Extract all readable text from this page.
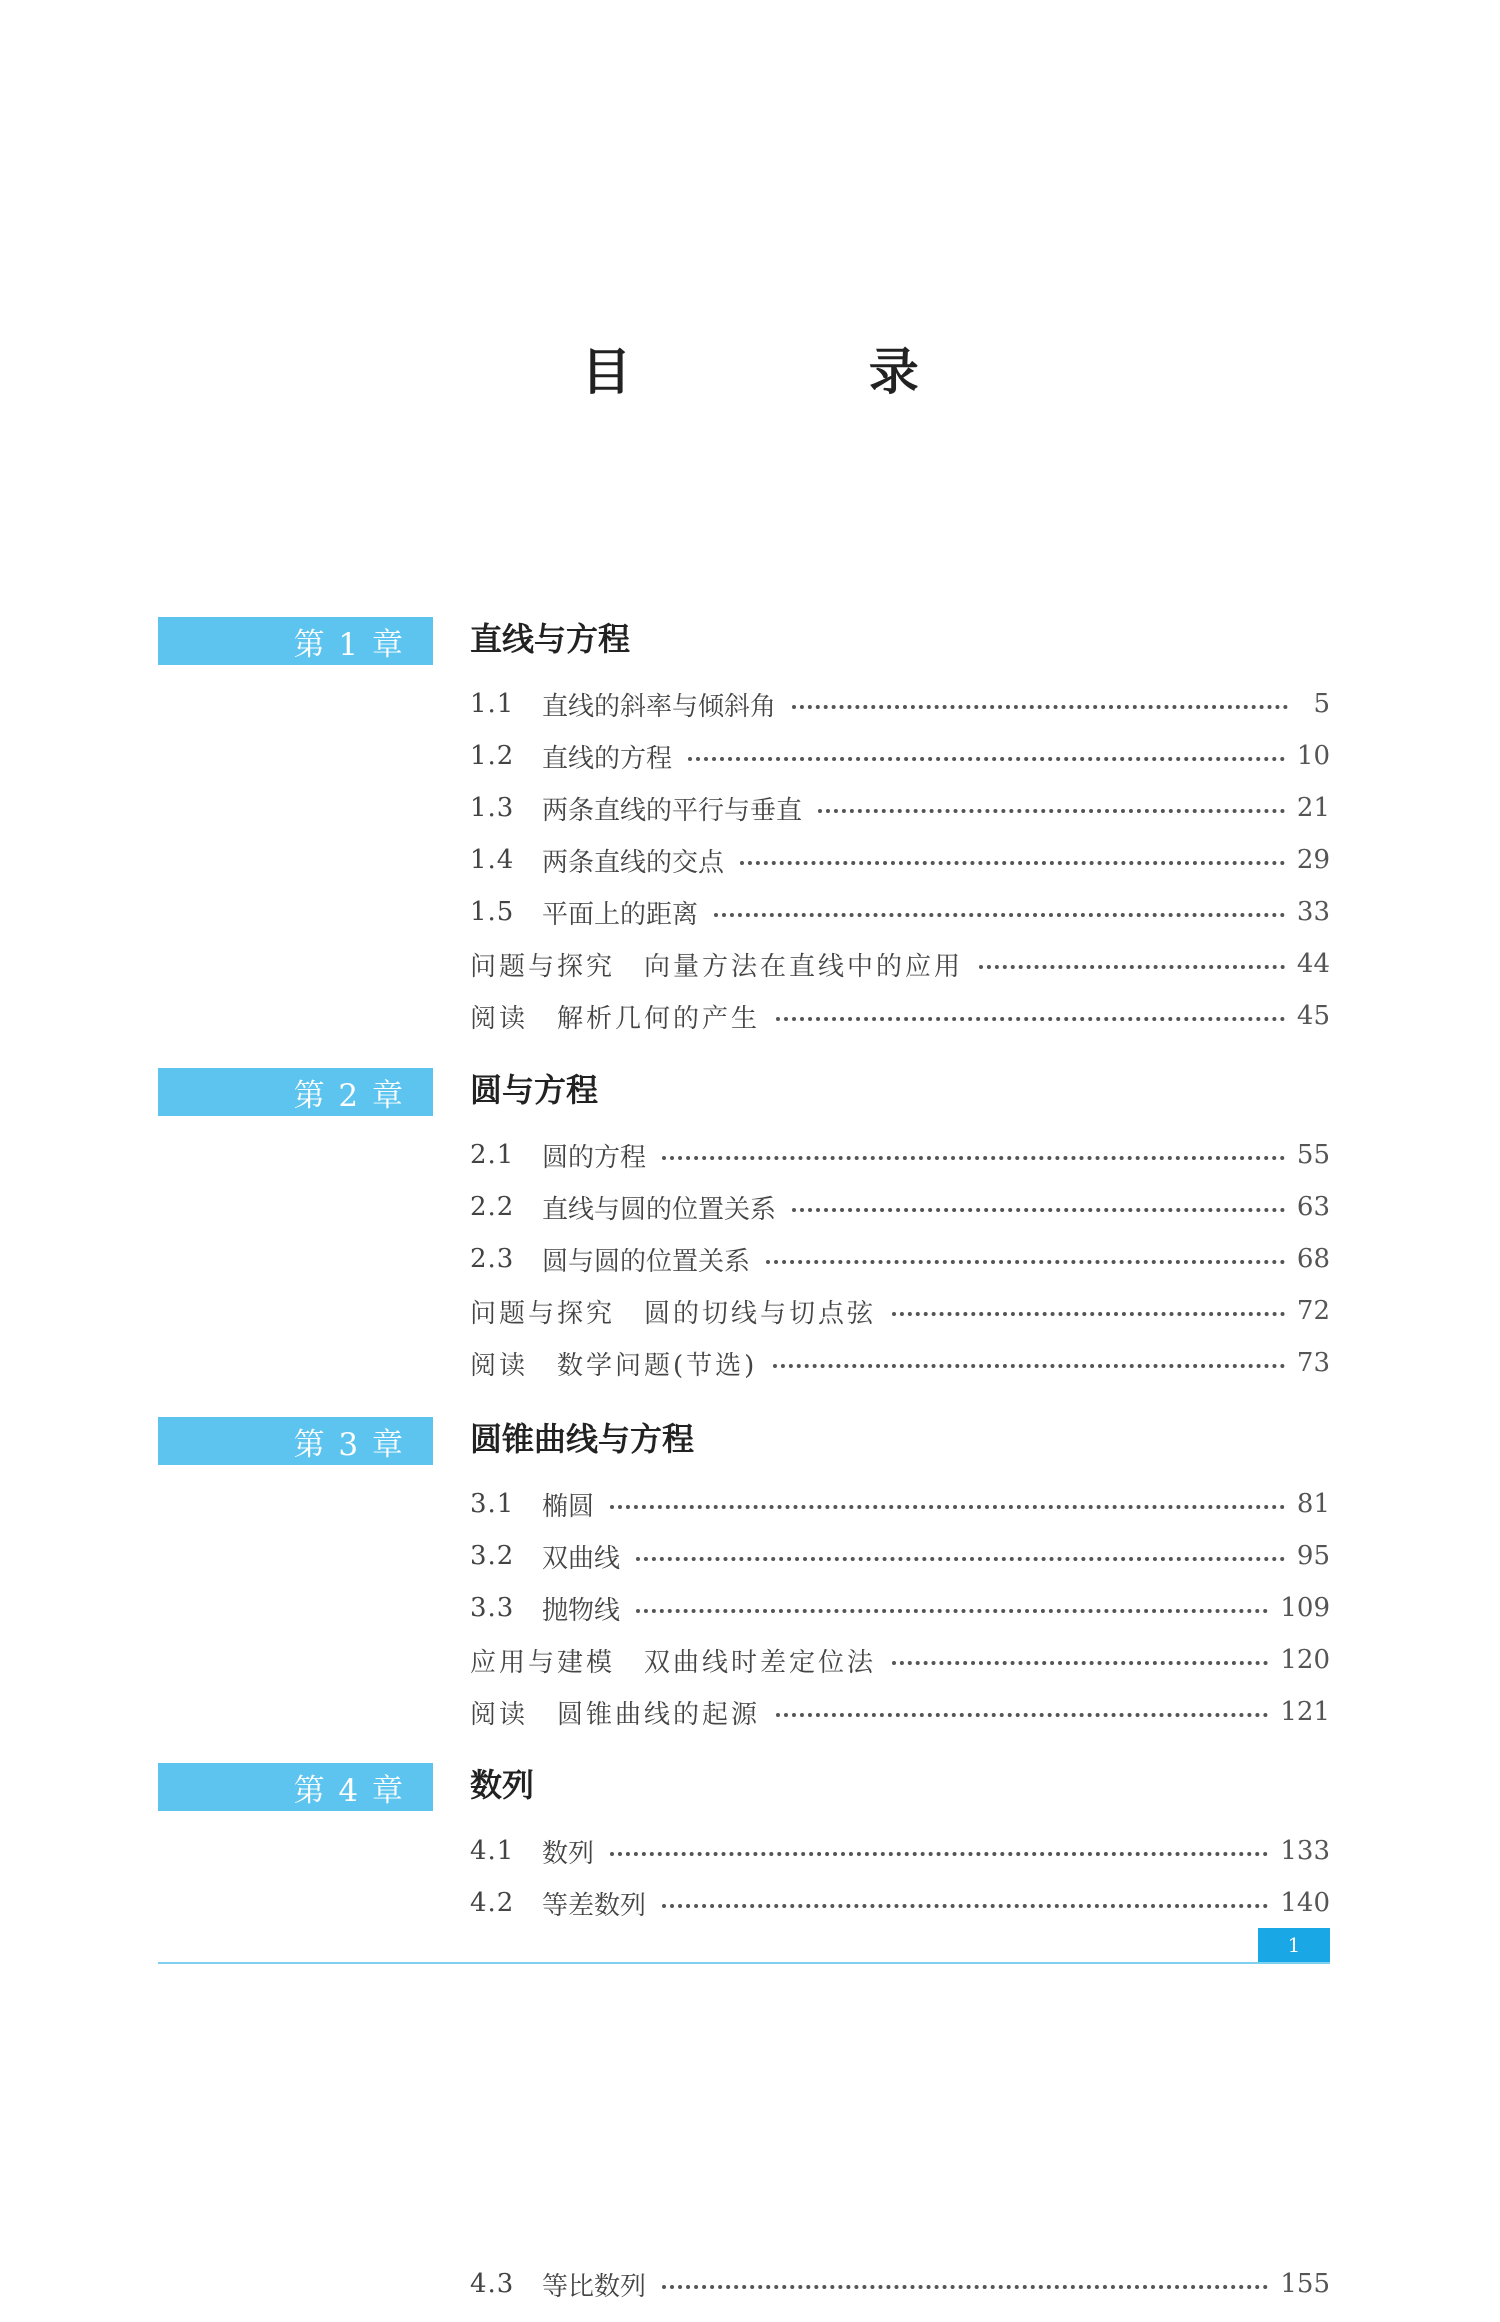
目 录
第 1 章	直线与方程
1.1	直线的斜率与倾斜角	5
1.2	直线的方程	10
1.3	两条直线的平行与垂直	21
1.4	两条直线的交点	29
1.5	平面上的距离	33
问题与探究　向量方法在直线中的应用	44
阅读　解析几何的产生	45
第 2 章	圆与方程
2.1	圆的方程	55
2.2	直线与圆的位置关系	63
2.3	圆与圆的位置关系	68
问题与探究　圆的切线与切点弦	72
阅读　数学问题(节选)	73
第 3 章	圆锥曲线与方程
3.1	椭圆	81
3.2	双曲线	95
3.3	抛物线	109
应用与建模　双曲线时差定位法	120
阅读　圆锥曲线的起源	121
第 4 章	数列
4.1	数列	133
4.2	等差数列	140
1
4.3	等比数列	155
